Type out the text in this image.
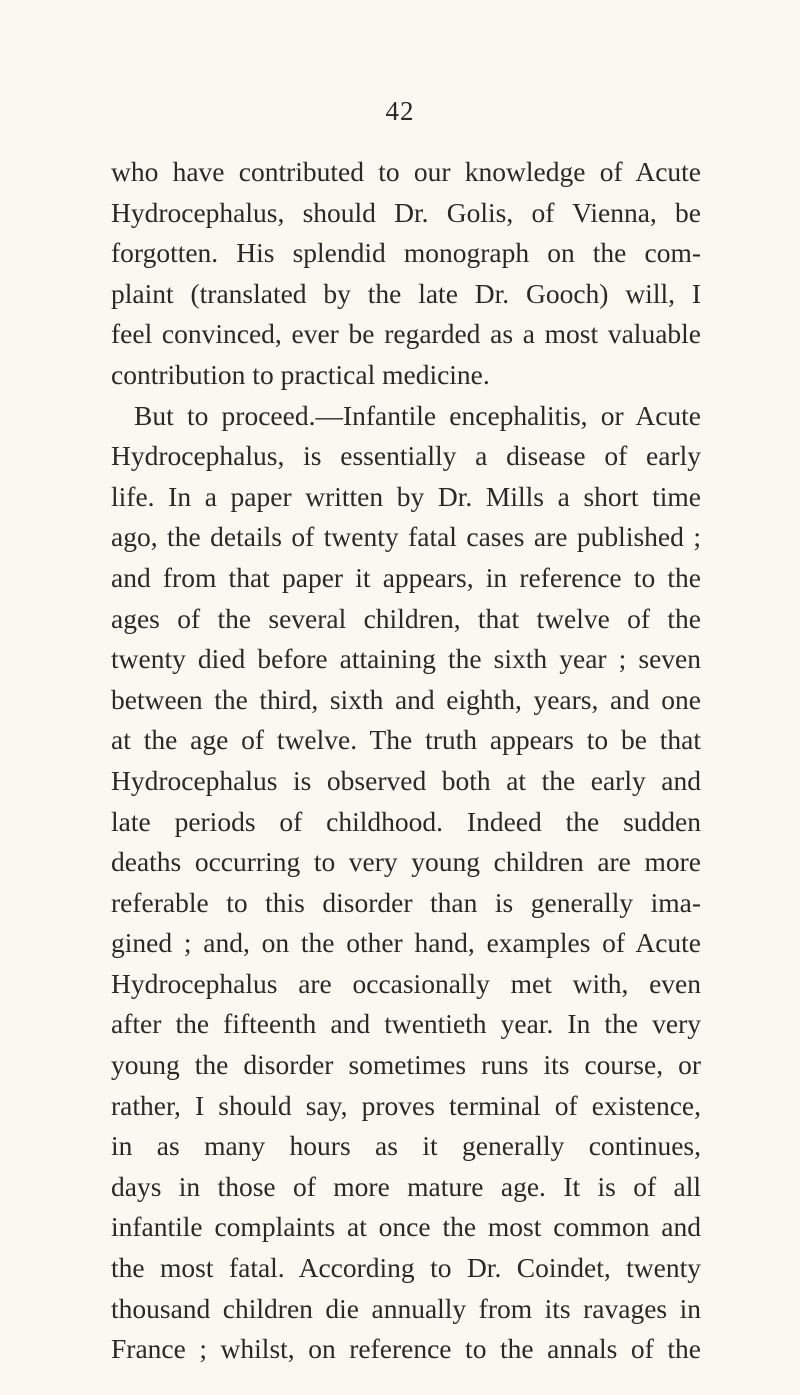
42
who have contributed to our knowledge of Acute
Hydrocephalus, should Dr. Golis, of Vienna, be
forgotten. His splendid monograph on the com-
plaint (translated by the late Dr. Gooch) will, I
feel convinced, ever be regarded as a most valuable
contribution to practical medicine.
But to proceed.—Infantile encephalitis, or Acute
Hydrocephalus, is essentially a disease of early
life. In a paper written by Dr. Mills a short time
ago, the details of twenty fatal cases are published ;
and from that paper it appears, in reference to the
ages of the several children, that twelve of the
twenty died before attaining the sixth year ; seven
between the third, sixth and eighth, years, and one
at the age of twelve. The truth appears to be that
Hydrocephalus is observed both at the early and
late periods of childhood. Indeed the sudden
deaths occurring to very young children are more
referable to this disorder than is generally ima-
gined ; and, on the other hand, examples of Acute
Hydrocephalus are occasionally met with, even
after the fifteenth and twentieth year. In the very
young the disorder sometimes runs its course, or
rather, I should say, proves terminal of existence,
in as many hours as it generally continues,
days in those of more mature age. It is of all
infantile complaints at once the most common and
the most fatal. According to Dr. Coindet, twenty
thousand children die annually from its ravages in
France ; whilst, on reference to the annals of the
